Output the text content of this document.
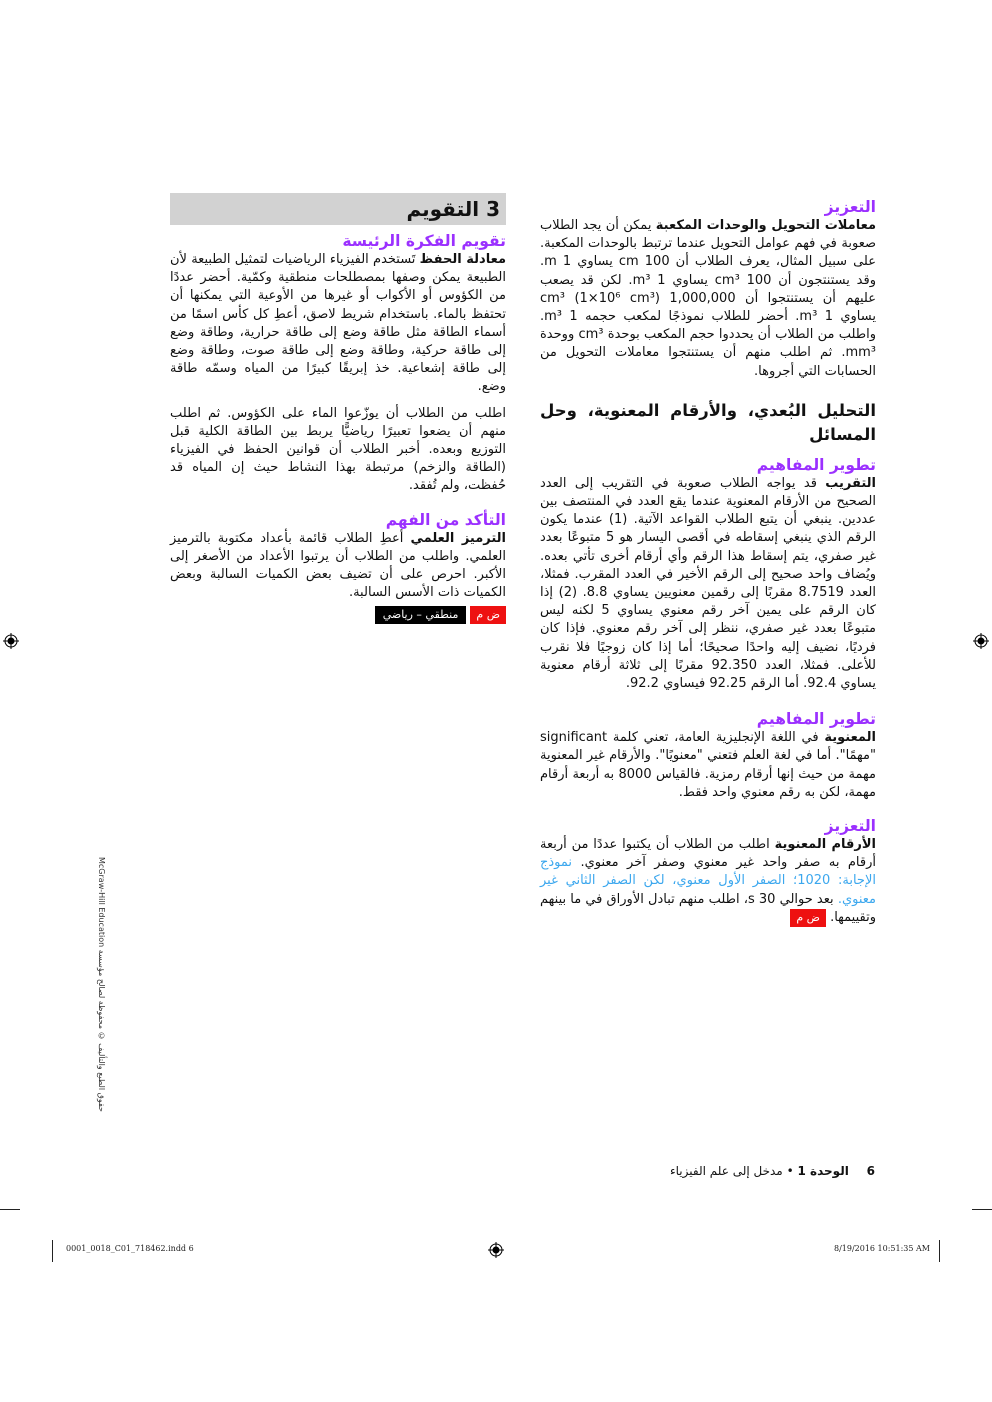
التعزيز

معاملات التحويل والوحدات المكعبة يمكن أن يجد الطلاب صعوبة في فهم عوامل التحويل عندما ترتبط بالوحدات المكعبة. على سبيل المثال، يعرف الطلاب أن 100 cm يساوي 1 m. وقد يستنتجون أن 100 cm³ يساوي 1 m³. لكن قد يصعب عليهم أن يستنتجوا أن 1,000,000 cm³ (1×10⁶ cm³) يساوي 1 m³. أحضر للطلاب نموذجًا لمكعب حجمه 1 m³. واطلب من الطلاب أن يحددوا حجم المكعب بوحدة cm³ ووحدة mm³. ثم اطلب منهم أن يستنتجوا معاملات التحويل من الحسابات التي أجروها.

التحليل البُعدي، والأرقام المعنوية، وحل المسائل
تطوير المفاهيم

التقريب قد يواجه الطلاب صعوبة في التقريب إلى العدد الصحيح من الأرقام المعنوية عندما يقع العدد في المنتصف بين عددين. ينبغي أن يتبع الطلاب القواعد الآتية. (1) عندما يكون الرقم الذي ينبغي إسقاطه في أقصى اليسار هو 5 متبوعًا بعدد غير صفري، يتم إسقاط هذا الرقم وأي أرقام أخرى تأتي بعده. ويُضاف واحد صحيح إلى الرقم الأخير في العدد المقرب. فمثلا، العدد 8.7519 مقربًا إلى رقمين معنويين يساوي 8.8. (2) إذا كان الرقم على يمين آخر رقم معنوي يساوي 5 لكنه ليس متبوعًا بعدد غير صفري، ننظر إلى آخر رقم معنوي. فإذا كان فرديًا، نضيف إليه واحدًا صحيحًا؛ أما إذا كان زوجيًا فلا نقرب للأعلى. فمثلا، العدد 92.350 مقربًا إلى ثلاثة أرقام معنوية يساوي 92.4. أما الرقم 92.25 فيساوي 92.2.

تطوير المفاهيم

المعنوية في اللغة الإنجليزية العامة، تعني كلمة significant "مهمًا". أما في لغة العلم فتعني "معنويًا". والأرقام غير المعنوية مهمة من حيث إنها أرقام رمزية. فالقياس 8000 به أربعة أرقام مهمة، لكن به رقم معنوي واحد فقط.

التعزيز

الأرقام المعنوية اطلب من الطلاب أن يكتبوا عددًا من أربعة أرقام به صفر واحد غير معنوي وصفر آخر معنوي. نموذج الإجابة: 1020؛ الصفر الأول معنوي، لكن الصفر الثاني غير معنوي. بعد حوالي s 30، اطلب منهم تبادل الأوراق في ما بينهم وتقييمها. ض م

3 التقويم
تقويم الفكرة الرئيسة

معادلة الحفظ تَستخدم الفيزياء الرياضيات لتمثيل الطبيعة لأن الطبيعة يمكن وصفها بمصطلحات منطقية وكمّية. أحضر عددًا من الكؤوس أو الأكواب أو غيرها من الأوعية التي يمكنها أن تحتفظ بالماء. باستخدام شريط لاصق، أعطِ كل كأس اسمًا من أسماء الطاقة مثل طاقة وضع إلى طاقة حرارية، وطاقة وضع إلى طاقة حركية، وطاقة وضع إلى طاقة صوت، وطاقة وضع إلى طاقة إشعاعية. خذ إبريقًا كبيرًا من المياه وسمّه طاقة وضع.

اطلب من الطلاب أن يوزّعوا الماء على الكؤوس. ثم اطلب منهم أن يضعوا تعبيرًا رياضيًّا يربط بين الطاقة الكلية قبل التوزيع وبعده. أخبر الطلاب أن قوانين الحفظ في الفيزياء (الطاقة والزخم) مرتبطة بهذا النشاط حيث إن المياه قد حُفظت، ولم تُفقد.

التأكد من الفهم

الترميز العلمي أعطِ الطلاب قائمة بأعداد مكتوبة بالترميز العلمي. واطلب من الطلاب أن يرتبوا الأعداد من الأصغر إلى الأكبر. احرص على أن تضيف بعض الكميات السالبة وبعض الكميات ذات الأسس السالبة.

ض م
منطقي – رياضي
6 الوحدة 1 • مدخل إلى علم الفيزياء
حقوق الطبع والتأليف © محفوظة لصالح مؤسسة McGraw-Hill Education
0001_0018_C01_718462.indd 6	8/19/2016 10:51:35 AM
